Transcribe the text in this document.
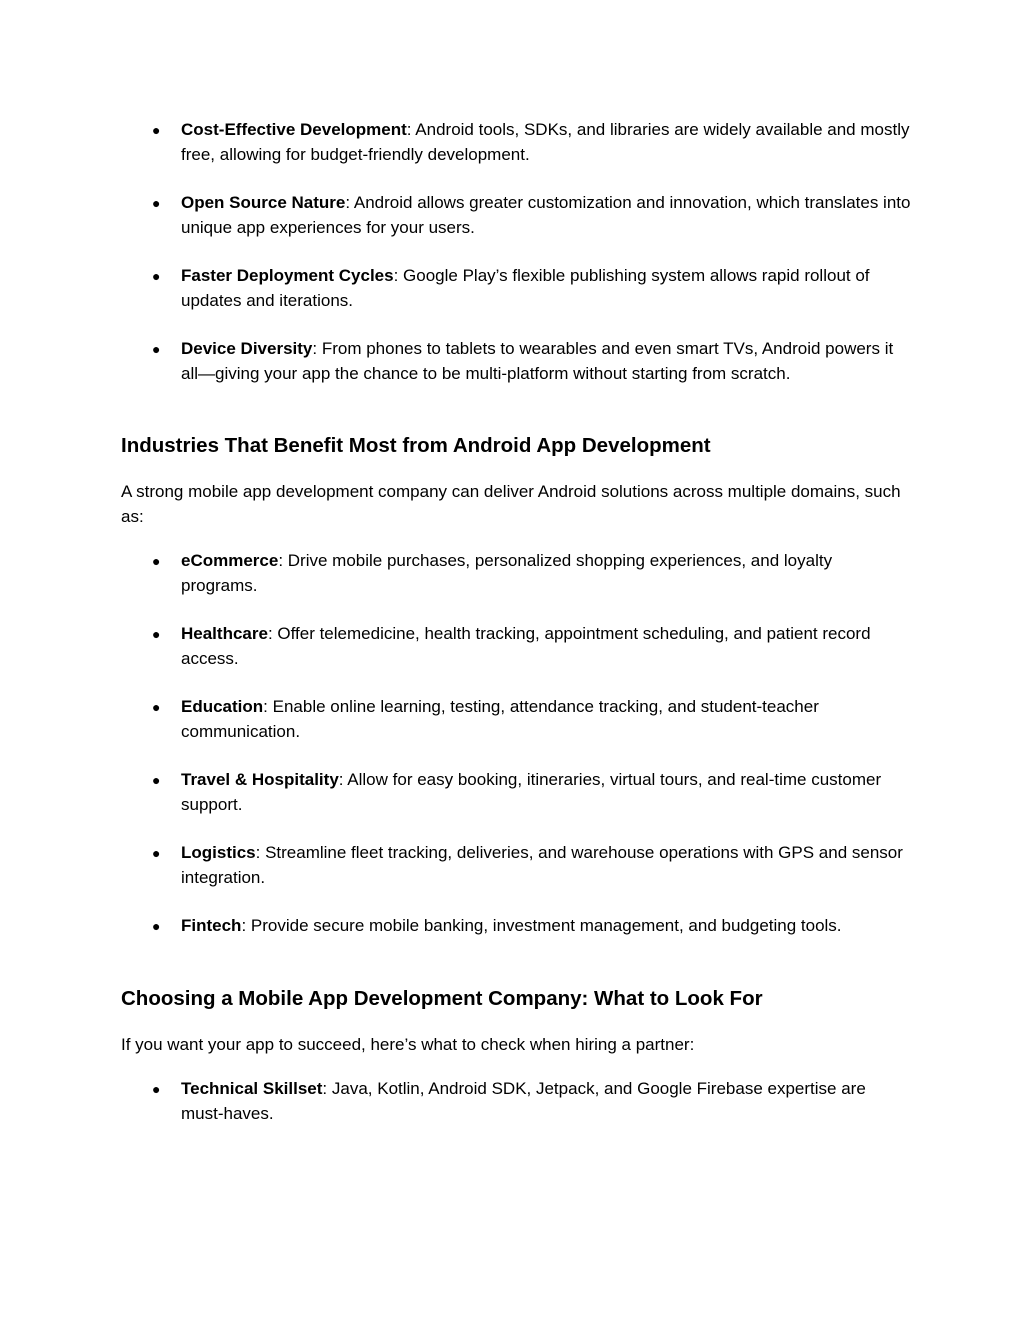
● Cost-Effective Development: Android tools, SDKs, and libraries are widely available and mostly free, allowing for budget-friendly development.
● Open Source Nature: Android allows greater customization and innovation, which translates into unique app experiences for your users.
● Faster Deployment Cycles: Google Play’s flexible publishing system allows rapid rollout of updates and iterations.
● Device Diversity: From phones to tablets to wearables and even smart TVs, Android powers it all—giving your app the chance to be multi-platform without starting from scratch.
Industries That Benefit Most from Android App Development

A strong mobile app development company can deliver Android solutions across multiple domains, such as:

● eCommerce: Drive mobile purchases, personalized shopping experiences, and loyalty programs.
● Healthcare: Offer telemedicine, health tracking, appointment scheduling, and patient record access.
● Education: Enable online learning, testing, attendance tracking, and student-teacher communication.
● Travel & Hospitality: Allow for easy booking, itineraries, virtual tours, and real-time customer support.
● Logistics: Streamline fleet tracking, deliveries, and warehouse operations with GPS and sensor integration.
● Fintech: Provide secure mobile banking, investment management, and budgeting tools.
Choosing a Mobile App Development Company: What to Look For

If you want your app to succeed, here’s what to check when hiring a partner:

● Technical Skillset: Java, Kotlin, Android SDK, Jetpack, and Google Firebase expertise are must-haves.
